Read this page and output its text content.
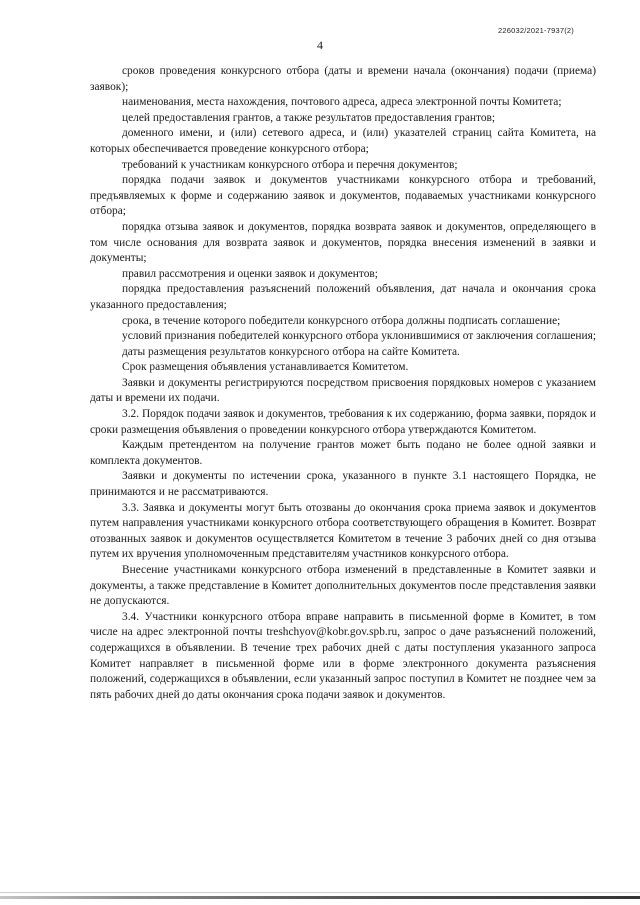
226032/2021-7937(2)
4

сроков проведения конкурсного отбора (даты и времени начала (окончания) подачи (приема) заявок);

наименования, места нахождения, почтового адреса, адреса электронной почты Комитета;

целей предоставления грантов, а также результатов предоставления грантов;

доменного имени, и (или) сетевого адреса, и (или) указателей страниц сайта Комитета, на которых обеспечивается проведение конкурсного отбора;

требований к участникам конкурсного отбора и перечня документов;

порядка подачи заявок и документов участниками конкурсного отбора и требований, предъявляемых к форме и содержанию заявок и документов, подаваемых участниками конкурсного отбора;

порядка отзыва заявок и документов, порядка возврата заявок и документов, определяющего в том числе основания для возврата заявок и документов, порядка внесения изменений в заявки и документы;

правил рассмотрения и оценки заявок и документов;

порядка предоставления разъяснений положений объявления, дат начала и окончания срока указанного предоставления;

срока, в течение которого победители конкурсного отбора должны подписать соглашение;

условий признания победителей конкурсного отбора уклонившимися от заключения соглашения;

даты размещения результатов конкурсного отбора на сайте Комитета.

Срок размещения объявления устанавливается Комитетом.

Заявки и документы регистрируются посредством присвоения порядковых номеров с указанием даты и времени их подачи.

3.2. Порядок подачи заявок и документов, требования к их содержанию, форма заявки, порядок и сроки размещения объявления о проведении конкурсного отбора утверждаются Комитетом.

Каждым претендентом на получение грантов может быть подано не более одной заявки и комплекта документов.

Заявки и документы по истечении срока, указанного в пункте 3.1 настоящего Порядка, не принимаются и не рассматриваются.

3.3. Заявка и документы могут быть отозваны до окончания срока приема заявок и документов путем направления участниками конкурсного отбора соответствующего обращения в Комитет. Возврат отозванных заявок и документов осуществляется Комитетом в течение 3 рабочих дней со дня отзыва путем их вручения уполномоченным представителям участников конкурсного отбора.

Внесение участниками конкурсного отбора изменений в представленные в Комитет заявки и документы, а также представление в Комитет дополнительных документов после представления заявки не допускаются.

3.4. Участники конкурсного отбора вправе направить в письменной форме в Комитет, в том числе на адрес электронной почты treshchyov@kobr.gov.spb.ru, запрос о даче разъяснений положений, содержащихся в объявлении. В течение трех рабочих дней с даты поступления указанного запроса Комитет направляет в письменной форме или в форме электронного документа разъяснения положений, содержащихся в объявлении, если указанный запрос поступил в Комитет не позднее чем за пять рабочих дней до даты окончания срока подачи заявок и документов.
